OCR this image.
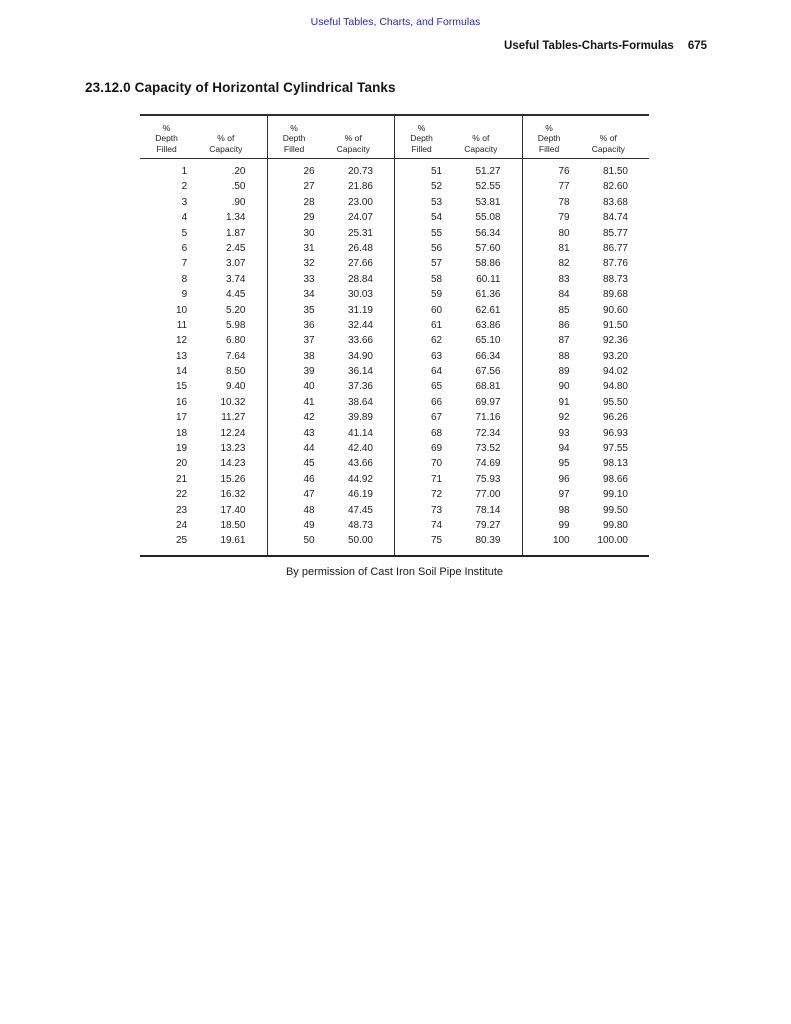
Useful Tables, Charts, and Formulas
Useful Tables-Charts-Formulas 675
23.12.0 Capacity of Horizontal Cylindrical Tanks
%
Depth
Filled
% of
Capacity
1	.20
2	.50
3	.90
4	1.34
5	1.87
6	2.45
7	3.07
8	3.74
9	4.45
10	5.20
11	5.98
12	6.80
13	7.64
14	8.50
15	9.40
16	10.32
17	11.27
18	12.24
19	13.23
20	14.23
21	15.26
22	16.32
23	17.40
24	18.50
25	19.61
%
Depth
Filled
% of
Capacity
26	20.73
27	21.86
28	23.00
29	24.07
30	25.31
31	26.48
32	27.66
33	28.84
34	30.03
35	31.19
36	32.44
37	33.66
38	34.90
39	36.14
40	37.36
41	38.64
42	39.89
43	41.14
44	42.40
45	43.66
46	44.92
47	46.19
48	47.45
49	48.73
50	50.00
%
Depth
Filled
% of
Capacity
51	51.27
52	52.55
53	53.81
54	55.08
55	56.34
56	57.60
57	58.86
58	60.11
59	61.36
60	62.61
61	63.86
62	65.10
63	66.34
64	67.56
65	68.81
66	69.97
67	71.16
68	72.34
69	73.52
70	74.69
71	75.93
72	77.00
73	78.14
74	79.27
75	80.39
%
Depth
Filled
% of
Capacity
76	81.50
77	82.60
78	83.68
79	84.74
80	85.77
81	86.77
82	87.76
83	88.73
84	89.68
85	90.60
86	91.50
87	92.36
88	93.20
89	94.02
90	94.80
91	95.50
92	96.26
93	96.93
94	97.55
95	98.13
96	98.66
97	99.10
98	99.50
99	99.80
100	100.00
By permission of Cast Iron Soil Pipe Institute
